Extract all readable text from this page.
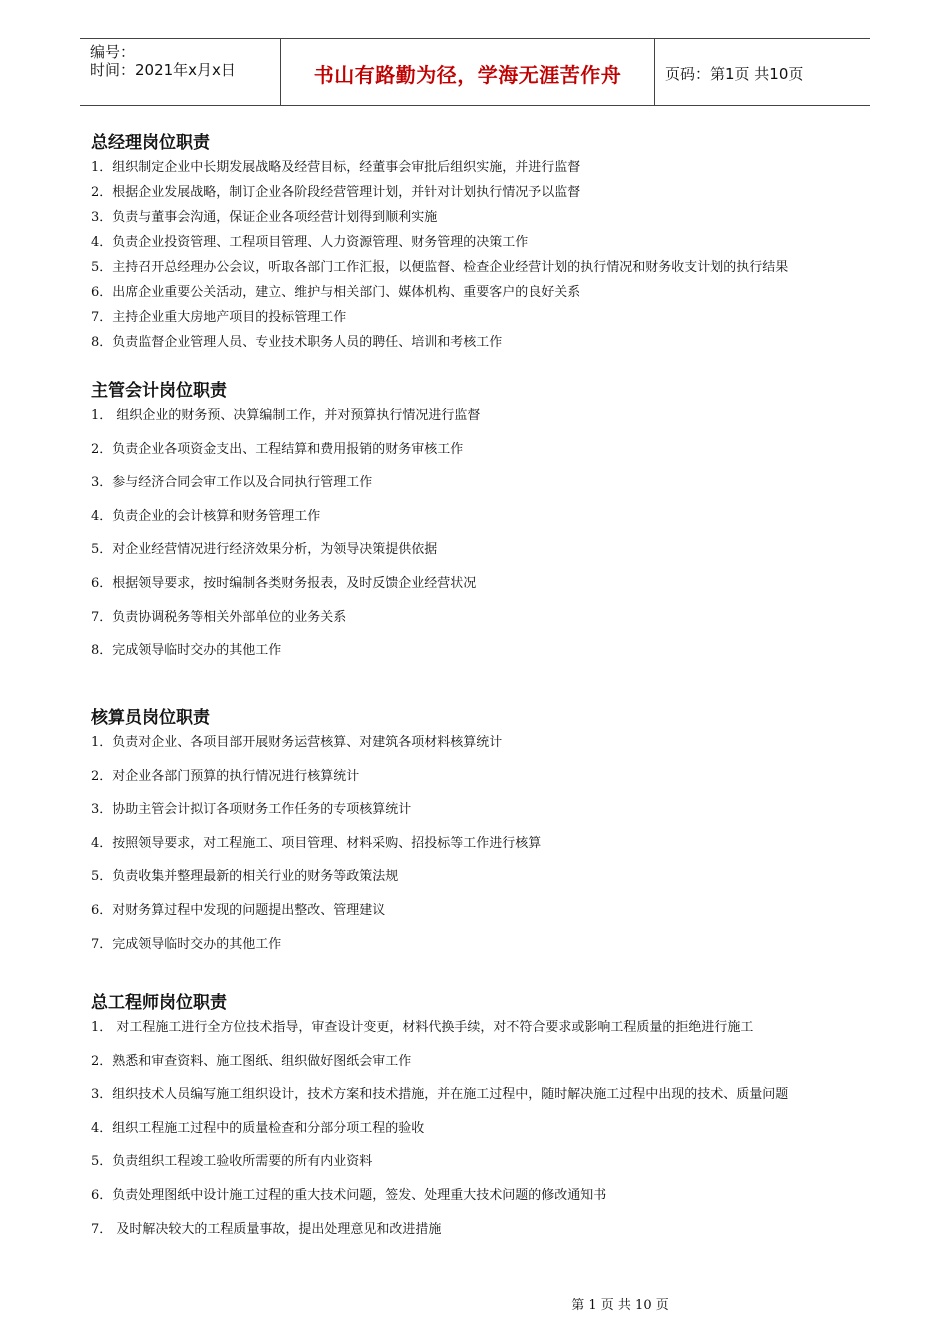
编号：
时间：2021年x月x日	书山有路勤为径，学海无涯苦作舟	页码：第1页 共10页
总经理岗位职责
1．组织制定企业中长期发展战略及经营目标，经董事会审批后组织实施，并进行监督
2．根据企业发展战略，制订企业各阶段经营管理计划，并针对计划执行情况予以监督
3．负责与董事会沟通，保证企业各项经营计划得到顺利实施
4．负责企业投资管理、工程项目管理、人力资源管理、财务管理的决策工作
5．主持召开总经理办公会议，听取各部门工作汇报，以便监督、检查企业经营计划的执行情况和财务收支计划的执行结果
6．出席企业重要公关活动，建立、维护与相关部门、媒体机构、重要客户的良好关系
7．主持企业重大房地产项目的投标管理工作
8．负责监督企业管理人员、专业技术职务人员的聘任、培训和考核工作
主管会计岗位职责
1． 组织企业的财务预、决算编制工作，并对预算执行情况进行监督
2．负责企业各项资金支出、工程结算和费用报销的财务审核工作
3．参与经济合同会审工作以及合同执行管理工作
4．负责企业的会计核算和财务管理工作
5．对企业经营情况进行经济效果分析，为领导决策提供依据
6．根据领导要求，按时编制各类财务报表，及时反馈企业经营状况
7．负责协调税务等相关外部单位的业务关系
8．完成领导临时交办的其他工作
核算员岗位职责
1．负责对企业、各项目部开展财务运营核算、对建筑各项材料核算统计
2．对企业各部门预算的执行情况进行核算统计
3．协助主管会计拟订各项财务工作任务的专项核算统计
4．按照领导要求，对工程施工、项目管理、材料采购、招投标等工作进行核算
5．负责收集并整理最新的相关行业的财务等政策法规
6．对财务算过程中发现的问题提出整改、管理建议
7．完成领导临时交办的其他工作
总工程师岗位职责
1． 对工程施工进行全方位技术指导，审查设计变更，材料代换手续，对不符合要求或影响工程质量的拒绝进行施工
2．熟悉和审查资料、施工图纸、组织做好图纸会审工作
3．组织技术人员编写施工组织设计，技术方案和技术措施，并在施工过程中，随时解决施工过程中出现的技术、质量问题
4．组织工程施工过程中的质量检查和分部分项工程的验收
5．负责组织工程竣工验收所需要的所有内业资料
6．负责处理图纸中设计施工过程的重大技术问题，签发、处理重大技术问题的修改通知书
7． 及时解决较大的工程质量事故，提出处理意见和改进措施
第 1 页 共 10 页
